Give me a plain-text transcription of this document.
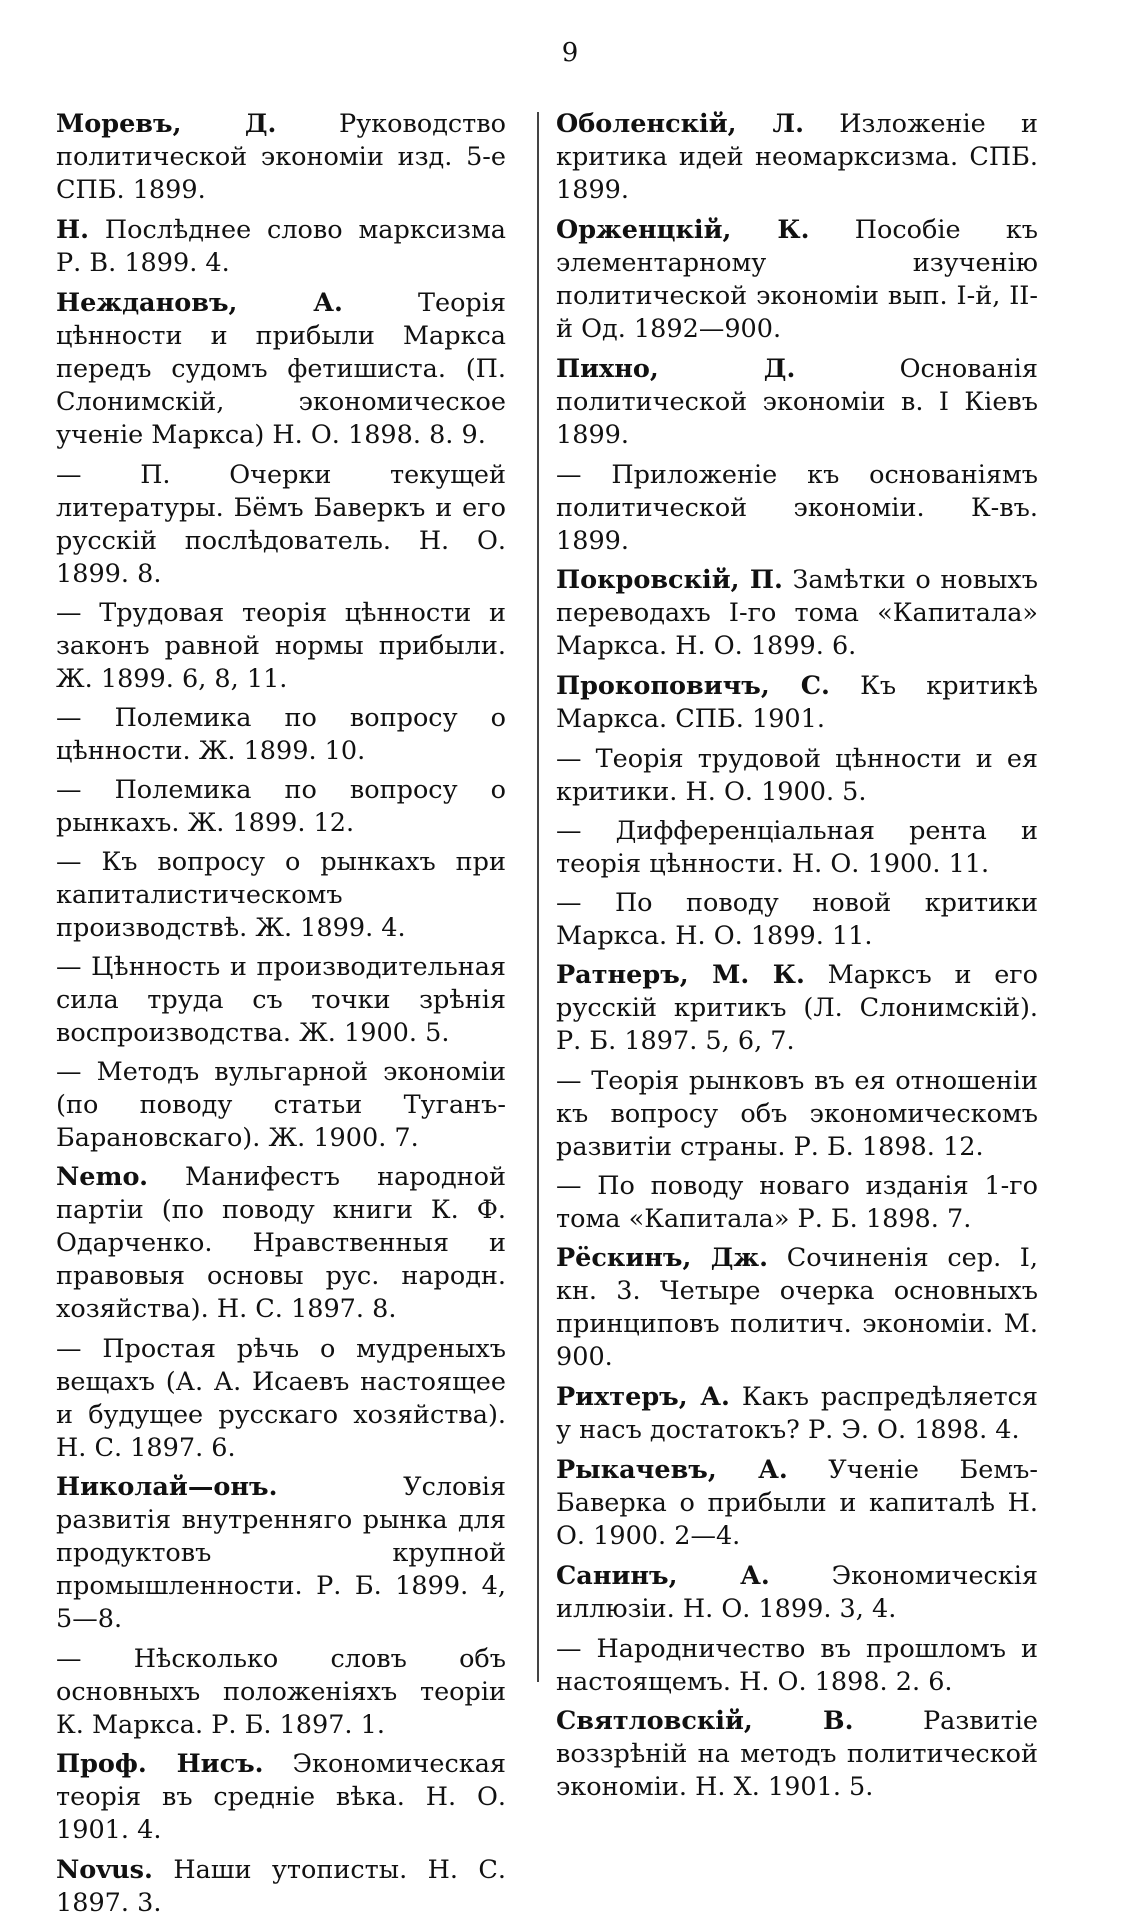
9

Моревъ, Д. Руководство политической экономіи изд. 5-е СПБ. 1899.

Н. Послѣднее слово марксизма Р. В. 1899. 4.

Неждановъ, А. Теорія цѣнности и прибыли Маркса передъ судомъ фетишиста. (П. Слонимскій, экономическое ученіе Маркса) Н. О. 1898. 8. 9.

— П. Очерки текущей литературы. Бёмъ Баверкъ и его русскій послѣдователь. Н. О. 1899. 8.

— Трудовая теорія цѣнности и законъ равной нормы прибыли. Ж. 1899. 6, 8, 11.

— Полемика по вопросу о цѣнности. Ж. 1899. 10.

— Полемика по вопросу о рынкахъ. Ж. 1899. 12.

— Къ вопросу о рынкахъ при капиталистическомъ производствѣ. Ж. 1899. 4.

— Цѣнность и производительная сила труда съ точки зрѣнія воспроизводства. Ж. 1900. 5.

— Методъ вульгарной экономіи (по поводу статьи Туганъ-Барановскаго). Ж. 1900. 7.

Nemo. Манифестъ народной партіи (по поводу книги К. Ф. Одарченко. Нравственныя и правовыя основы рус. народн. хозяйства). Н. С. 1897. 8.

— Простая рѣчь о мудреныхъ вещахъ (А. А. Исаевъ настоящее и будущее русскаго хозяйства). Н. С. 1897. 6.

Николай—онъ. Условія развитія внутренняго рынка для продуктовъ крупной промышленности. Р. Б. 1899. 4, 5—8.

— Нѣсколько словъ объ основныхъ положеніяхъ теоріи К. Маркса. Р. Б. 1897. 1.

Проф. Нисъ. Экономическая теорія въ средніе вѣка. Н. О. 1901. 4.

Novus. Наши утописты. Н. С. 1897. 3.

Оболенскій, Л. Изложеніе и критика идей неомарксизма. СПБ. 1899.

Орженцкій, К. Пособіе къ элементарному изученію политической экономіи вып. I-й, II-й Од. 1892—900.

Пихно, Д. Основанія политической экономіи в. I Кіевъ 1899.

— Приложеніе къ основаніямъ политической экономіи. К-въ. 1899.

Покровскій, П. Замѣтки о новыхъ переводахъ I-го тома «Капитала» Маркса. Н. О. 1899. 6.

Прокоповичъ, С. Къ критикѣ Маркса. СПБ. 1901.

— Теорія трудовой цѣнности и ея критики. Н. О. 1900. 5.

— Дифференціальная рента и теорія цѣнности. Н. О. 1900. 11.

— По поводу новой критики Маркса. Н. О. 1899. 11.

Ратнеръ, М. К. Марксъ и его русскій критикъ (Л. Слонимскій). Р. Б. 1897. 5, 6, 7.

— Теорія рынковъ въ ея отношеніи къ вопросу объ экономическомъ развитіи страны. Р. Б. 1898. 12.

— По поводу новаго изданія 1-го тома «Капитала» Р. Б. 1898. 7.

Рёскинъ, Дж. Сочиненія сер. I, кн. 3. Четыре очерка основныхъ принциповъ политич. экономіи. М. 900.

Рихтеръ, А. Какъ распредѣляется у насъ достатокъ? Р. Э. О. 1898. 4.

Рыкачевъ, А. Ученіе Бемъ-Баверка о прибыли и капиталѣ Н. О. 1900. 2—4.

Санинъ, А. Экономическія иллюзіи. Н. О. 1899. 3, 4.

— Народничество въ прошломъ и настоящемъ. Н. О. 1898. 2. 6.

Святловскій, В. Развитіе воззрѣній на методъ политической экономіи. Н. Х. 1901. 5.
